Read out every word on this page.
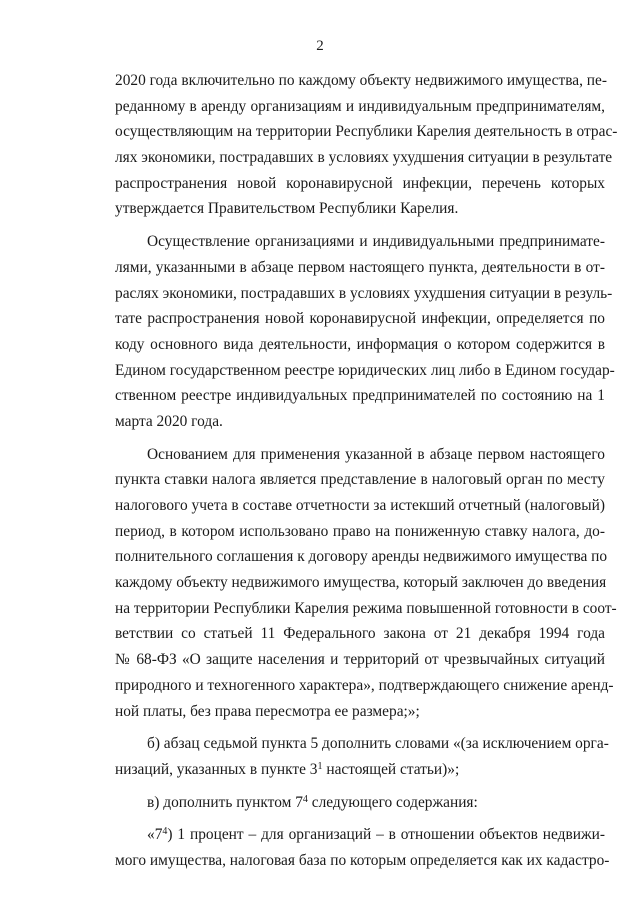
2
2020 года включительно по каждому объекту недвижимого имущества, пе-
реданному в аренду организациям и индивидуальным предпринимателям,
осуществляющим на территории Республики Карелия деятельность в отрас-
лях экономики, пострадавших в условиях ухудшения ситуации в результате
распространения новой коронавирусной инфекции, перечень которых
утверждается Правительством Республики Карелия.
Осуществление организациями и индивидуальными предпринимате-
лями, указанными в абзаце первом настоящего пункта, деятельности в от-
раслях экономики, пострадавших в условиях ухудшения ситуации в резуль-
тате распространения новой коронавирусной инфекции, определяется по
коду основного вида деятельности, информация о котором содержится в
Едином государственном реестре юридических лиц либо в Едином государ-
ственном реестре индивидуальных предпринимателей по состоянию на 1
марта 2020 года.
Основанием для применения указанной в абзаце первом настоящего
пункта ставки налога является представление в налоговый орган по месту
налогового учета в составе отчетности за истекший отчетный (налоговый)
период, в котором использовано право на пониженную ставку налога, до-
полнительного соглашения к договору аренды недвижимого имущества по
каждому объекту недвижимого имущества, который заключен до введения
на территории Республики Карелия режима повышенной готовности в соот-
ветствии со статьей 11 Федерального закона от 21 декабря 1994 года
№ 68-ФЗ «О защите населения и территорий от чрезвычайных ситуаций
природного и техногенного характера», подтверждающего снижение аренд-
ной платы, без права пересмотра ее размера;»;
б) абзац седьмой пункта 5 дополнить словами «(за исключением орга-
низаций, указанных в пункте $3^1$ настоящей статьи)»;
в) дополнить пунктом $7^4$ следующего содержания:
«$7^4$) 1 процент – для организаций – в отношении объектов недвижи-
мого имущества, налоговая база по которым определяется как их кадастро-
